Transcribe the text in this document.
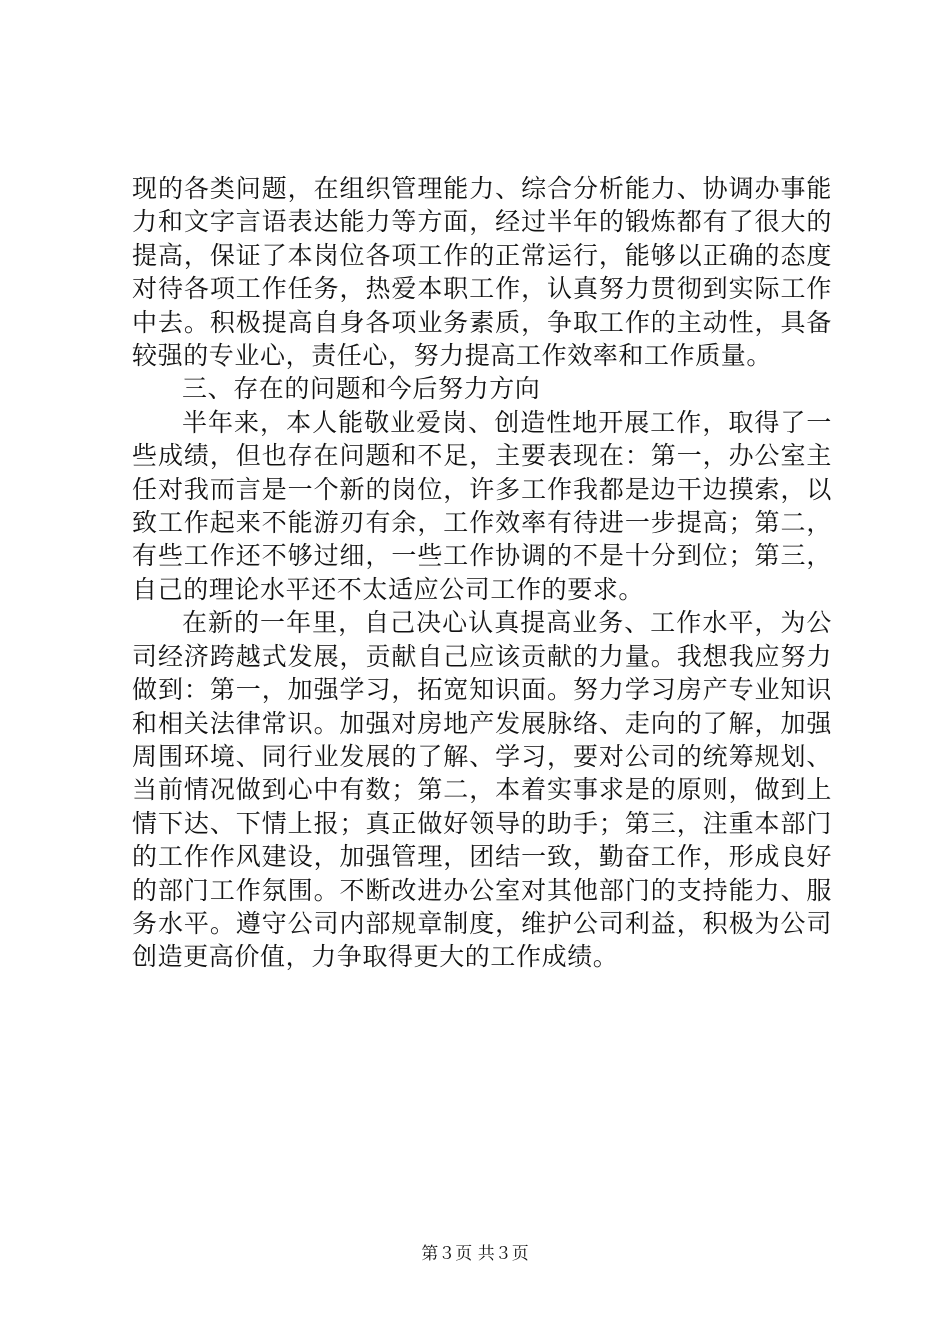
现的各类问题，在组织管理能力、综合分析能力、协调办事能力和文字言语表达能力等方面，经过半年的锻炼都有了很大的提高，保证了本岗位各项工作的正常运行，能够以正确的态度对待各项工作任务，热爱本职工作，认真努力贯彻到实际工作中去。积极提高自身各项业务素质，争取工作的主动性，具备较强的专业心，责任心，努力提高工作效率和工作质量。

三、存在的问题和今后努力方向

半年来，本人能敬业爱岗、创造性地开展工作，取得了一些成绩，但也存在问题和不足，主要表现在：第一，办公室主任对我而言是一个新的岗位，许多工作我都是边干边摸索，以致工作起来不能游刃有余，工作效率有待进一步提高；第二，有些工作还不够过细，一些工作协调的不是十分到位；第三，自己的理论水平还不太适应公司工作的要求。

在新的一年里，自己决心认真提高业务、工作水平，为公司经济跨越式发展，贡献自己应该贡献的力量。我想我应努力做到：第一，加强学习，拓宽知识面。努力学习房产专业知识和相关法律常识。加强对房地产发展脉络、走向的了解，加强周围环境、同行业发展的了解、学习，要对公司的统筹规划、当前情况做到心中有数；第二，本着实事求是的原则，做到上情下达、下情上报；真正做好领导的助手；第三，注重本部门的工作作风建设，加强管理，团结一致，勤奋工作，形成良好的部门工作氛围。不断改进办公室对其他部门的支持能力、服务水平。遵守公司内部规章制度，维护公司利益，积极为公司创造更高价值，力争取得更大的工作成绩。

第３页 共３页
